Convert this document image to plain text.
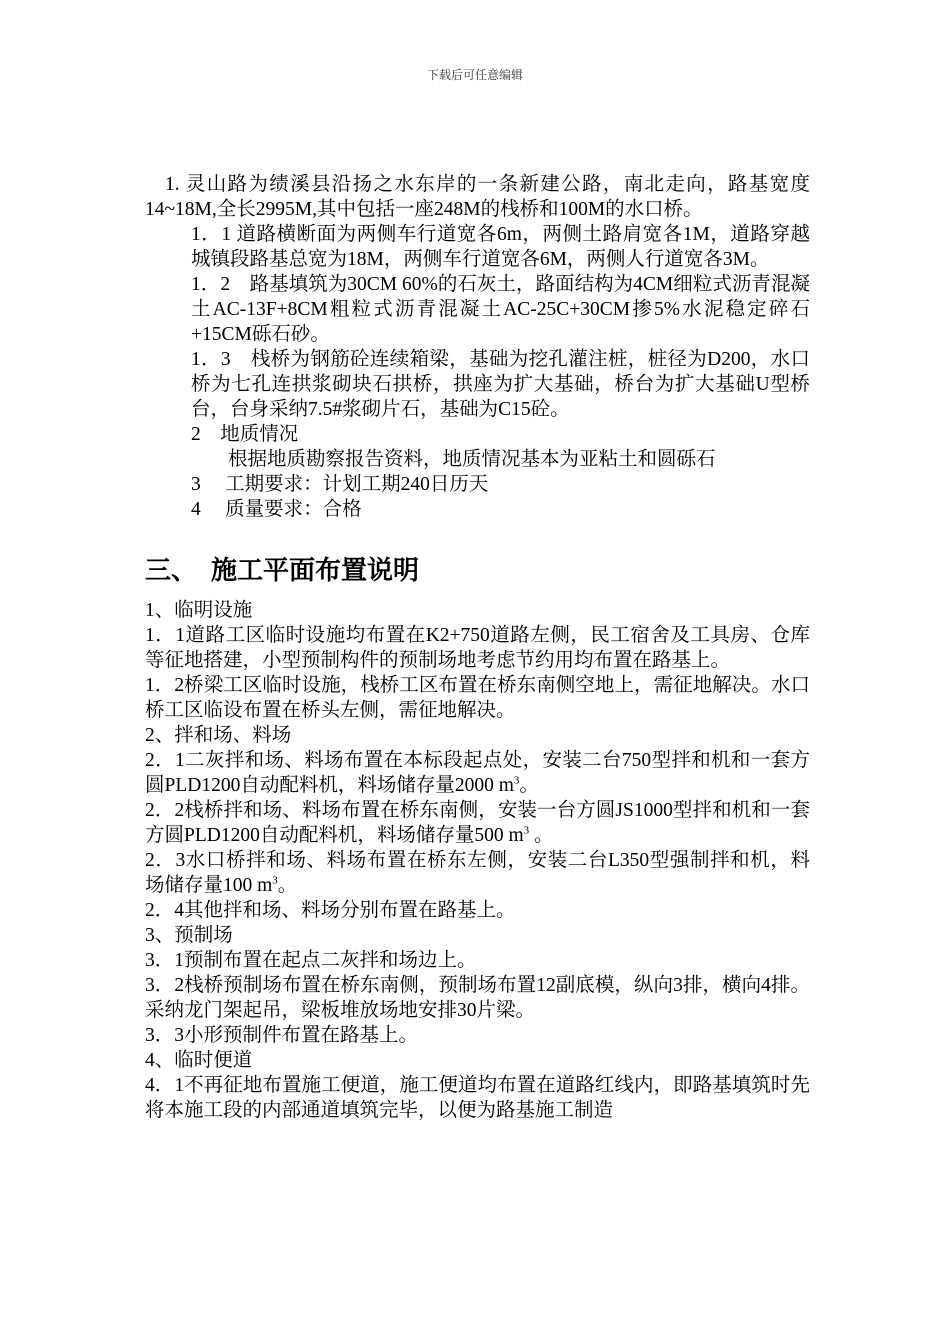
下载后可任意编辑

1. 灵山路为绩溪县沿扬之水东岸的一条新建公路，南北走向，路基宽度14~18M,全长2995M,其中包括一座248M的栈桥和100M的水口桥。

1．1 道路横断面为两侧车行道宽各6m，两侧土路肩宽各1M，道路穿越城镇段路基总宽为18M，两侧车行道宽各6M，两侧人行道宽各3M。

1．2　路基填筑为30CM 60%的石灰土，路面结构为4CM细粒式沥青混凝土AC-13F+8CM粗粒式沥青混凝土AC-25C+30CM掺5%水泥稳定碎石+15CM砾石砂。

1．3　栈桥为钢筋砼连续箱梁，基础为挖孔灌注桩，桩径为D200，水口桥为七孔连拱浆砌块石拱桥，拱座为扩大基础，桥台为扩大基础U型桥台，台身采纳7.5#浆砌片石，基础为C15砼。

2　地质情况

根据地质勘察报告资料，地质情况基本为亚粘土和圆砾石

3　 工期要求：计划工期240日历天

4　 质量要求：合格

三、 施工平面布置说明

1、临明设施

1．1道路工区临时设施均布置在K2+750道路左侧，民工宿舍及工具房、仓库等征地搭建，小型预制构件的预制场地考虑节约用均布置在路基上。

1．2桥梁工区临时设施，栈桥工区布置在桥东南侧空地上，需征地解决。水口桥工区临设布置在桥头左侧，需征地解决。

2、拌和场、料场

2．1二灰拌和场、料场布置在本标段起点处，安装二台750型拌和机和一套方圆PLD1200自动配料机，料场储存量2000 $m^3$。

2．2栈桥拌和场、料场布置在桥东南侧，安装一台方圆JS1000型拌和机和一套方圆PLD1200自动配料机，料场储存量500 $m^3$ 。

2．3水口桥拌和场、料场布置在桥东左侧，安装二台L350型强制拌和机，料场储存量100 $m^3$。

2．4其他拌和场、料场分别布置在路基上。

3、预制场

3．1预制布置在起点二灰拌和场边上。

3．2栈桥预制场布置在桥东南侧，预制场布置12副底模，纵向3排，横向4排。采纳龙门架起吊，梁板堆放场地安排30片梁。

3．3小形预制件布置在路基上。

4、临时便道

4．1不再征地布置施工便道，施工便道均布置在道路红线内，即路基填筑时先将本施工段的内部通道填筑完毕，以便为路基施工制造
